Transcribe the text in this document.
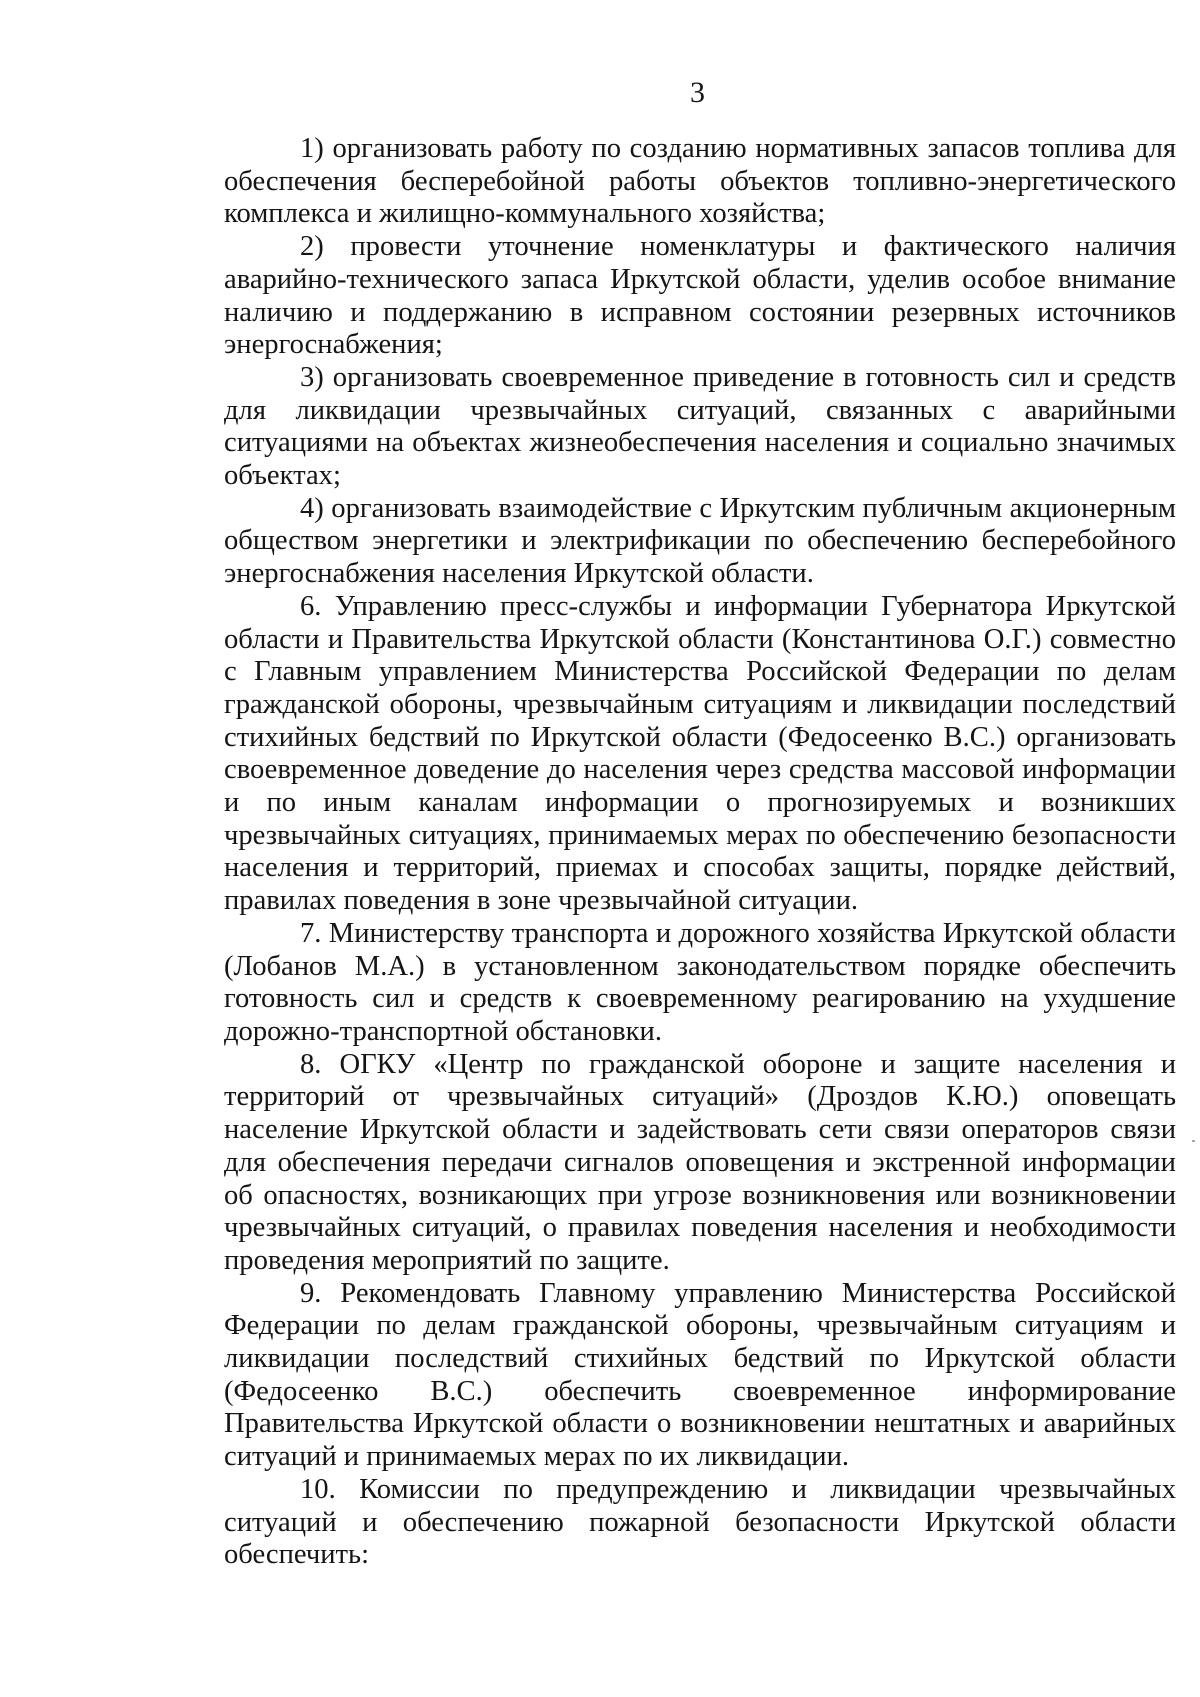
3

1) организовать работу по созданию нормативных запасов топлива для обеспечения бесперебойной работы объектов топливно-энергетического комплекса и жилищно-коммунального хозяйства;

2) провести уточнение номенклатуры и фактического наличия аварийно-технического запаса Иркутской области, уделив особое внимание наличию и поддержанию в исправном состоянии резервных источников энергоснабжения;

3) организовать своевременное приведение в готовность сил и средств для ликвидации чрезвычайных ситуаций, связанных с аварийными ситуациями на объектах жизнеобеспечения населения и социально значимых объектах;

4) организовать взаимодействие с Иркутским публичным акционерным обществом энергетики и электрификации по обеспечению бесперебойного энергоснабжения населения Иркутской области.

6. Управлению пресс-службы и информации Губернатора Иркутской области и Правительства Иркутской области (Константинова О.Г.) совместно с Главным управлением Министерства Российской Федерации по делам гражданской обороны, чрезвычайным ситуациям и ликвидации последствий стихийных бедствий по Иркутской области (Федосеенко В.С.) организовать своевременное доведение до населения через средства массовой информации и по иным каналам информации о прогнозируемых и возникших чрезвычайных ситуациях, принимаемых мерах по обеспечению безопасности населения и территорий, приемах и способах защиты, порядке действий, правилах поведения в зоне чрезвычайной ситуации.

7. Министерству транспорта и дорожного хозяйства Иркутской области (Лобанов М.А.) в установленном законодательством порядке обеспечить готовность сил и средств к своевременному реагированию на ухудшение дорожно-транспортной обстановки.

8. ОГКУ «Центр по гражданской обороне и защите населения и территорий от чрезвычайных ситуаций» (Дроздов К.Ю.) оповещать население Иркутской области и задействовать сети связи операторов связи для обеспечения передачи сигналов оповещения и экстренной информации об опасностях, возникающих при угрозе возникновения или возникновении чрезвычайных ситуаций, о правилах поведения населения и необходимости проведения мероприятий по защите.

9. Рекомендовать Главному управлению Министерства Российской Федерации по делам гражданской обороны, чрезвычайным ситуациям и ликвидации последствий стихийных бедствий по Иркутской области (Федосеенко В.С.) обеспечить своевременное информирование Правительства Иркутской области о возникновении нештатных и аварийных ситуаций и принимаемых мерах по их ликвидации.

10. Комиссии по предупреждению и ликвидации чрезвычайных ситуаций и обеспечению пожарной безопасности Иркутской области обеспечить:
